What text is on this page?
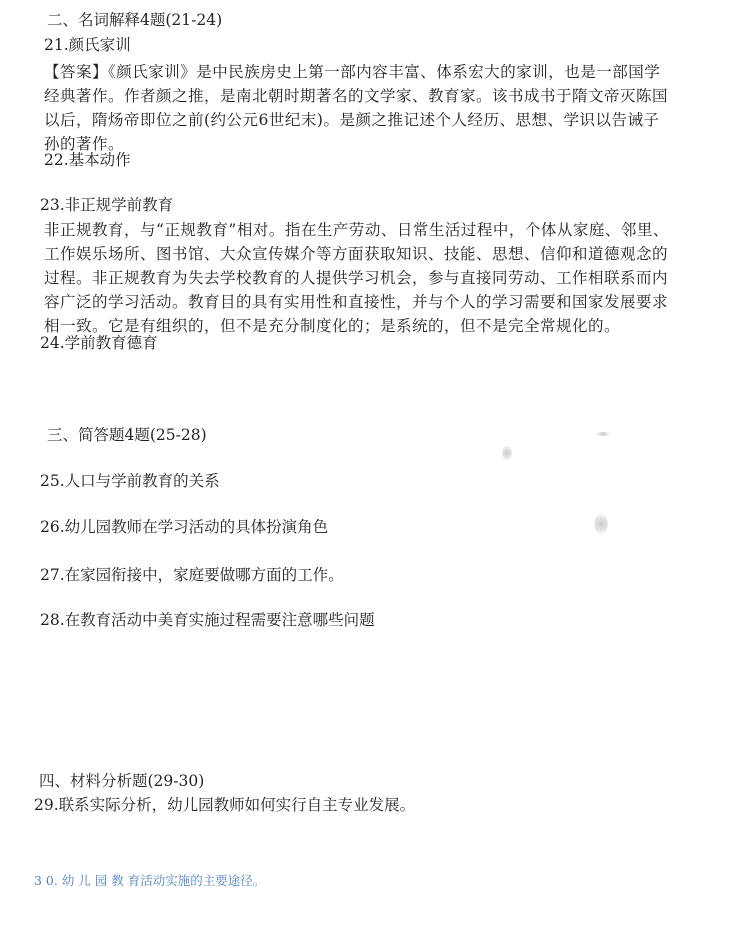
二、名词解释4题(21-24)
21.颜氏家训
【答案】《颜氏家训》是中民族房史上第一部内容丰富、体系宏大的家训，也是一部国学经典著作。作者颜之推，是南北朝时期著名的文学家、教育家。该书成书于隋文帝灭陈国以后，隋炀帝即位之前(约公元6世纪末)。是颜之推记述个人经历、思想、学识以告诫子孙的著作。
22.基本动作
23.非正规学前教育
非正规教育，与“正规教育”相对。指在生产劳动、日常生活过程中，个体从家庭、邻里、工作娱乐场所、图书馆、大众宣传媒介等方面获取知识、技能、思想、信仰和道德观念的过程。非正规教育为失去学校教育的人提供学习机会，参与直接同劳动、工作相联系而内容广泛的学习活动。教育目的具有实用性和直接性，并与个人的学习需要和国家发展要求相一致。它是有组织的，但不是充分制度化的；是系统的，但不是完全常规化的。
24.学前教育德育
三、简答题4题(25-28)
25.人口与学前教育的关系
26.幼儿园教师在学习活动的具体扮演角色
27.在家园衔接中，家庭要做哪方面的工作。
28.在教育活动中美育实施过程需要注意哪些问题
四、材料分析题(29-30)
29.联系实际分析，幼儿园教师如何实行自主专业发展。
3 0. 幼 儿 园 教 育活动实施的主要途径。
